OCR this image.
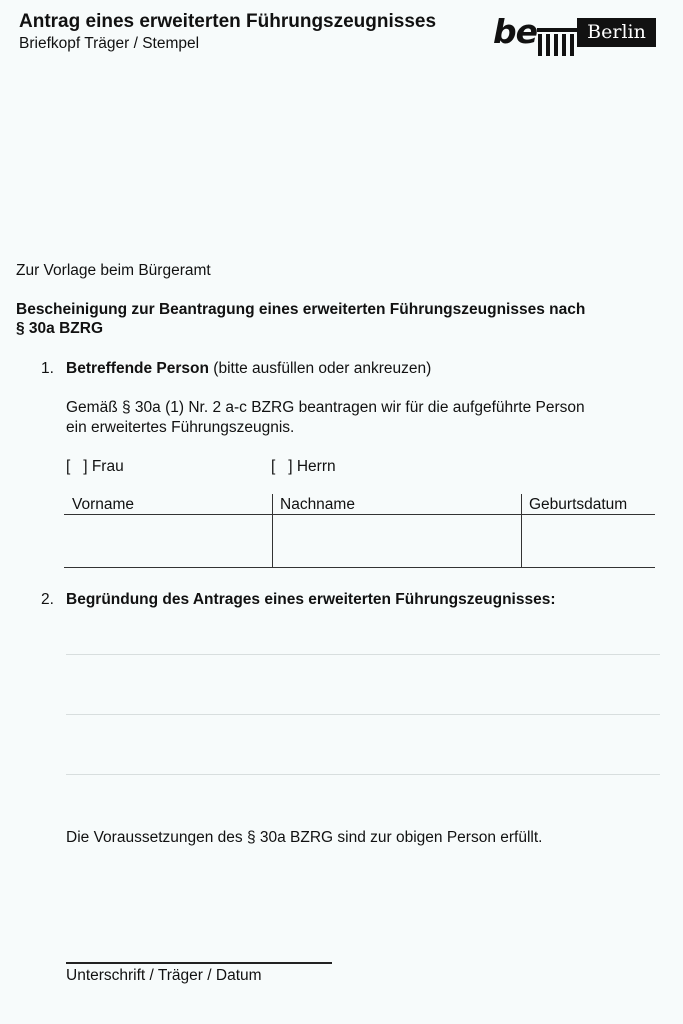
Antrag eines erweiterten Führungszeugnisses
Briefkopf Träger / Stempel	be	Berlin
Zur Vorlage beim Bürgeramt
Bescheinigung zur Beantragung eines erweiterten Führungszeugnisses nach
§ 30a BZRG
1. Betreffende Person (bitte ausfüllen oder ankreuzen)
Gemäß § 30a (1) Nr. 2 a-c BZRG beantragen wir für die aufgeführte Person
ein erweitertes Führungszeugnis.
[   ] Frau	[   ] Herrn
Vorname	Nachname	Geburtsdatum
2. Begründung des Antrages eines erweiterten Führungszeugnisses:
Die Voraussetzungen des § 30a BZRG sind zur obigen Person erfüllt.
Unterschrift / Träger / Datum
